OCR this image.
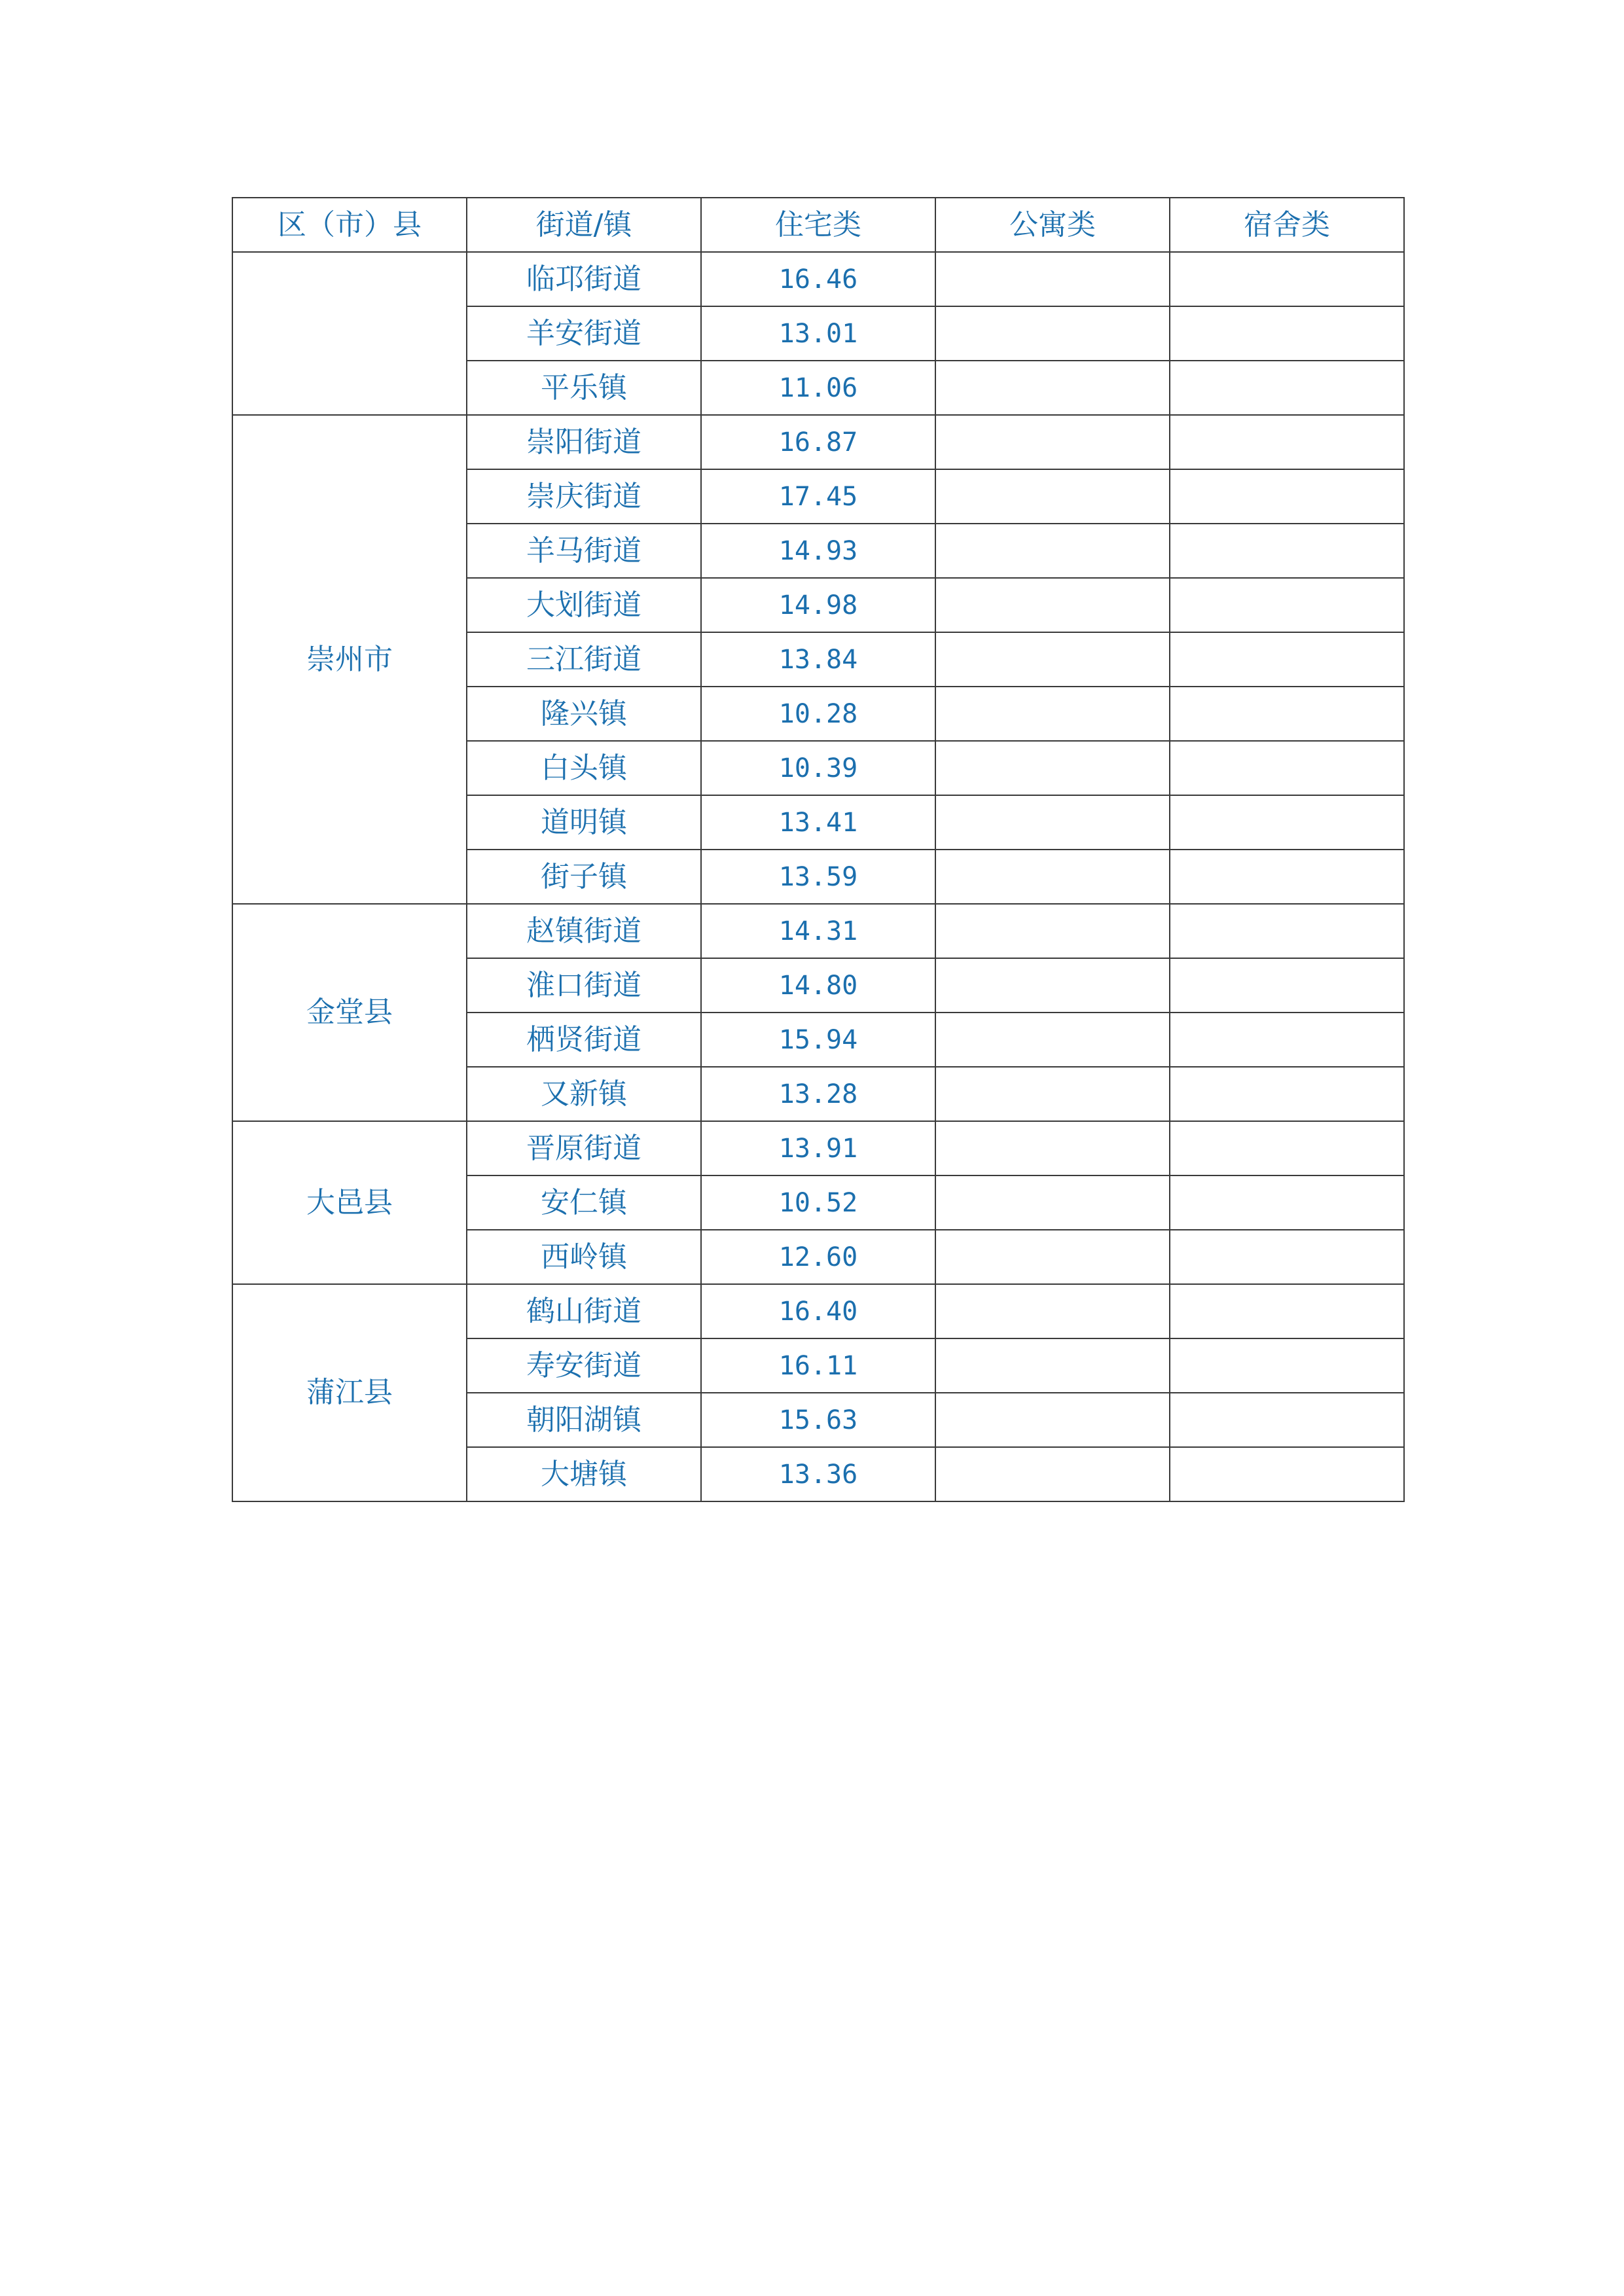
区（市）县	街道/镇	住宅类	公寓类	宿舍类
	临邛街道	16.46		
	羊安街道	13.01		
	平乐镇	11.06		
崇州市	崇阳街道	16.87		
	崇庆街道	17.45		
	羊马街道	14.93		
	大划街道	14.98		
	三江街道	13.84		
	隆兴镇	10.28		
	白头镇	10.39		
	道明镇	13.41		
	街子镇	13.59		
金堂县	赵镇街道	14.31		
	淮口街道	14.80		
	栖贤街道	15.94		
	又新镇	13.28		
大邑县	晋原街道	13.91		
	安仁镇	10.52		
	西岭镇	12.60		
蒲江县	鹤山街道	16.40		
	寿安街道	16.11		
	朝阳湖镇	15.63		
	大塘镇	13.36		
